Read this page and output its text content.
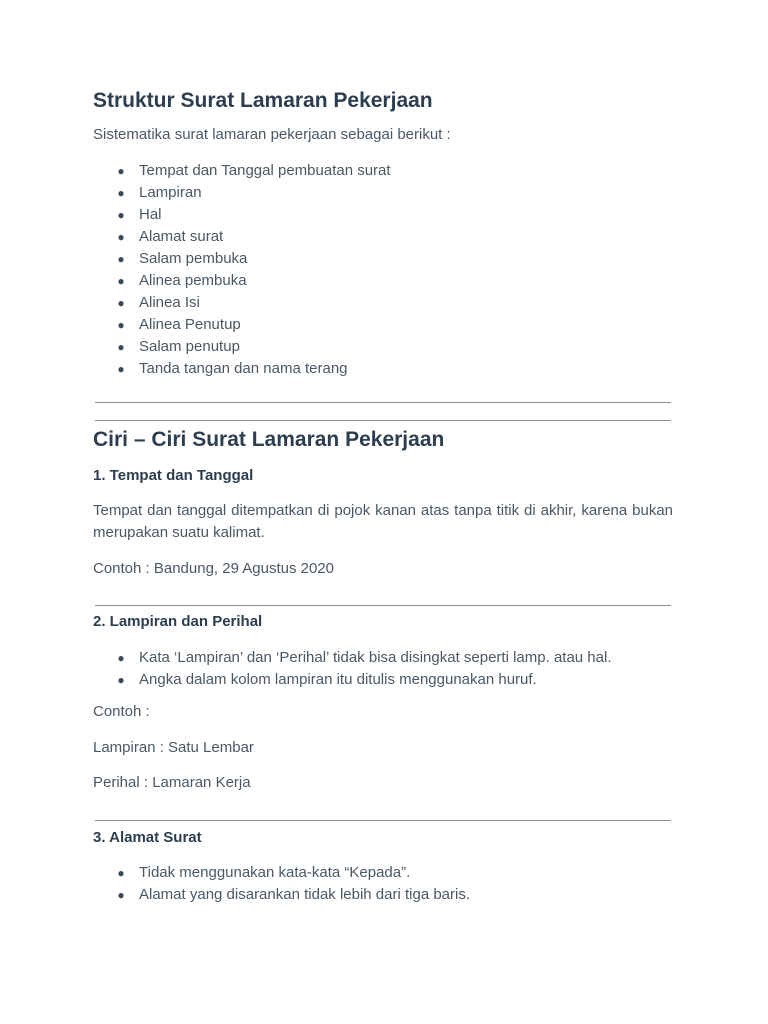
Struktur Surat Lamaran Pekerjaan
Sistematika surat lamaran pekerjaan sebagai berikut :
● Tempat dan Tanggal pembuatan surat
● Lampiran
● Hal
● Alamat surat
● Salam pembuka
● Alinea pembuka
● Alinea Isi
● Alinea Penutup
● Salam penutup
● Tanda tangan dan nama terang
Ciri – Ciri Surat Lamaran Pekerjaan
1. Tempat dan Tanggal
Tempat dan tanggal ditempatkan di pojok kanan atas tanpa titik di akhir, karena bukan merupakan suatu kalimat.
Contoh : Bandung, 29 Agustus 2020
2. Lampiran dan Perihal
● Kata ‘Lampiran’ dan ‘Perihal’ tidak bisa disingkat seperti lamp. atau hal.
● Angka dalam kolom lampiran itu ditulis menggunakan huruf.
Contoh :
Lampiran : Satu Lembar
Perihal : Lamaran Kerja
3. Alamat Surat
● Tidak menggunakan kata-kata “Kepada”.
● Alamat yang disarankan tidak lebih dari tiga baris.
